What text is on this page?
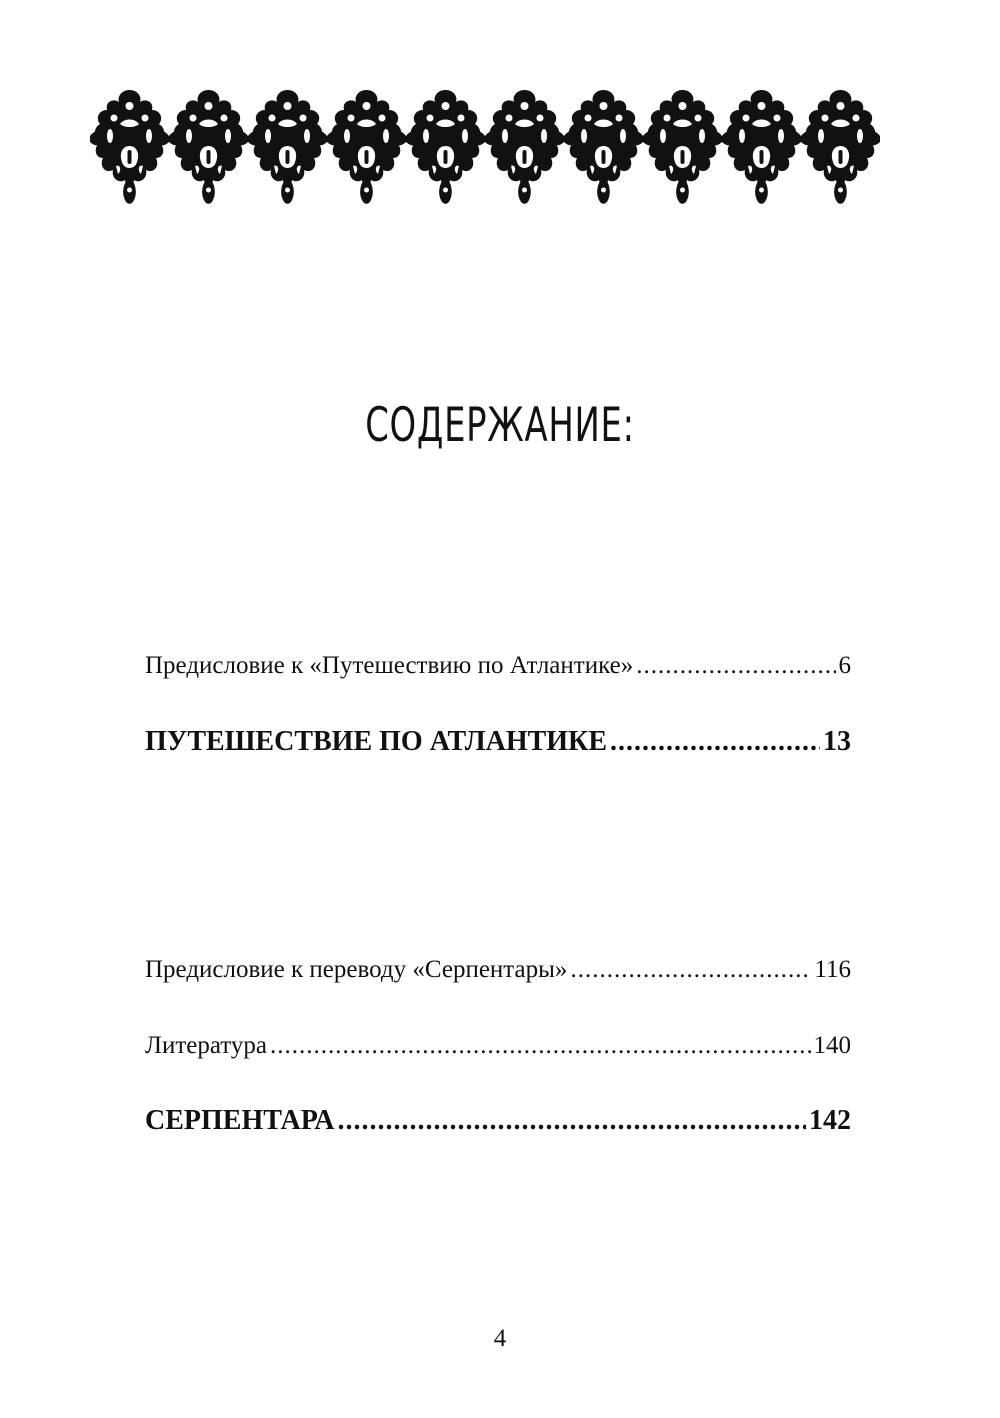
СОДЕРЖАНИЕ:
Предисловие к «Путешествию по Атлантике» .....	6
ПУТЕШЕСТВИЕ ПО АТЛАНТИКЕ .....	13
Предисловие к переводу «Серпентары» .....	116
Литература .....	140
СЕРПЕНТАРА .....	142
4
